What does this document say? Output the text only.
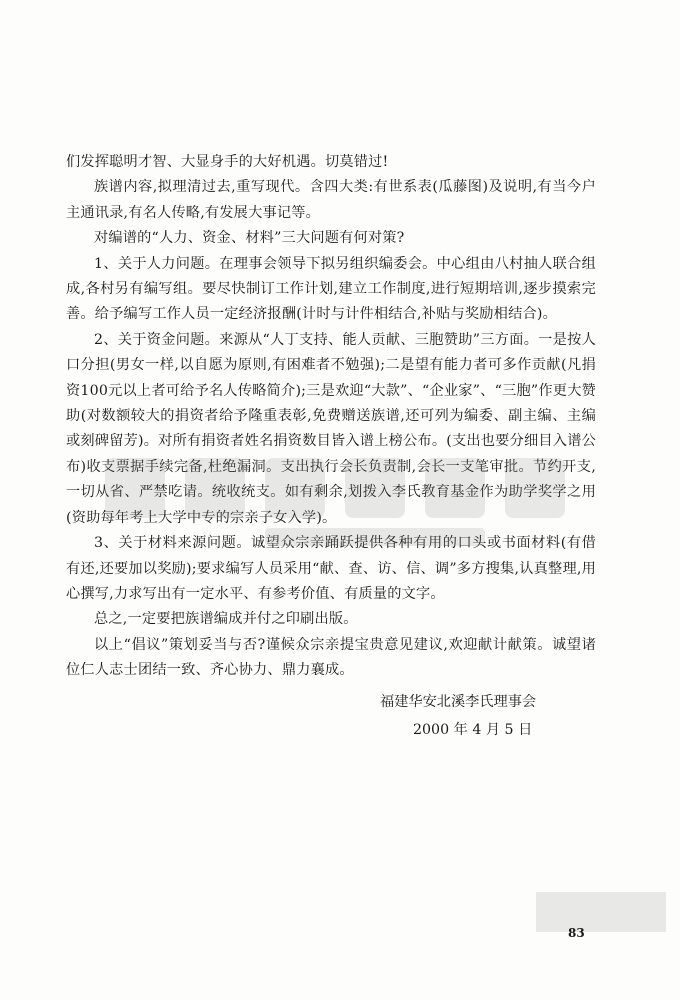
们发挥聪明才智、大显身手的大好机遇。切莫错过!

族谱内容,拟理清过去,重写现代。含四大类:有世系表(瓜藤图)及说明,有当今户主通讯录,有名人传略,有发展大事记等。

对编谱的“人力、资金、材料”三大问题有何对策?

1、关于人力问题。在理事会领导下拟另组织编委会。中心组由八村抽人联合组成,各村另有编写组。要尽快制订工作计划,建立工作制度,进行短期培训,逐步摸索完善。给予编写工作人员一定经济报酬(计时与计件相结合,补贴与奖励相结合)。

2、关于资金问题。来源从“人丁支持、能人贡献、三胞赞助”三方面。一是按人口分担(男女一样,以自愿为原则,有困难者不勉强);二是望有能力者可多作贡献(凡捐资100元以上者可给予名人传略简介);三是欢迎“大款”、“企业家”、“三胞”作更大赞助(对数额较大的捐资者给予隆重表彰,免费赠送族谱,还可列为编委、副主编、主编或刻碑留芳)。对所有捐资者姓名捐资数目皆入谱上榜公布。(支出也要分细目入谱公布)收支票据手续完备,杜绝漏洞。支出执行会长负责制,会长一支笔审批。节约开支,一切从省、严禁吃请。统收统支。如有剩余,划拨入李氏教育基金作为助学奖学之用(资助每年考上大学中专的宗亲子女入学)。

3、关于材料来源问题。诚望众宗亲踊跃提供各种有用的口头或书面材料(有借有还,还要加以奖励);要求编写人员采用“献、查、访、信、调”多方搜集,认真整理,用心撰写,力求写出有一定水平、有参考价值、有质量的文字。

总之,一定要把族谱编成并付之印刷出版。

以上“倡议”策划妥当与否?谨候众宗亲提宝贵意见建议,欢迎献计献策。诚望诸位仁人志士团结一致、齐心协力、鼎力襄成。

福建华安北溪李氏理事会
2000 年 4 月 5 日
83
